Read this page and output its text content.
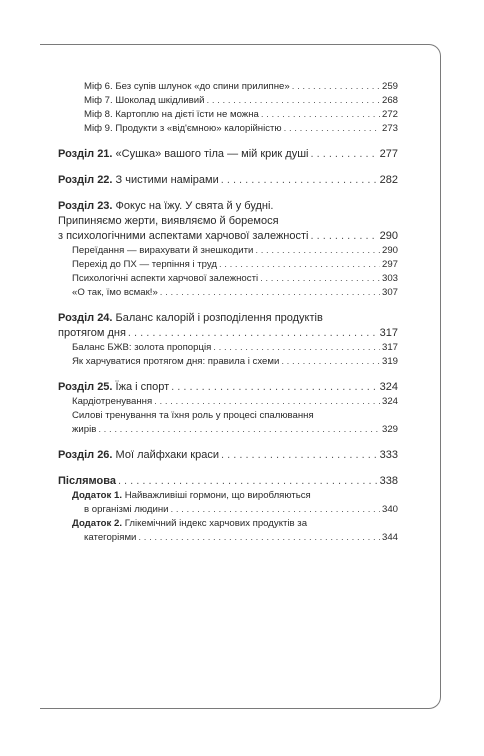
Міф 6. Без супів шлунок «до спини прилипне» . . .	259
Міф 7. Шоколад шкідливий . . .	268
Міф 8. Картоплю на дієті їсти не можна . . .	272
Міф 9. Продукти з «від'ємною» калорійністю . . .	273
Розділ 21. «Сушка» вашого тіла — мій крик душі . . .	277
Розділ 22. З чистими намірами . . .	282
Розділ 23. Фокус на їжу. У свята й у будні.
Припиняємо жерти, виявляємо й боремося
з психологічними аспектами харчової залежності . . .	290
Переїдання — вирахувати й знешкодити . . .	290
Перехід до ПХ — терпіння і труд . . .	297
Психологічні аспекти харчової залежності . . .	303
«О так, їмо всмак!» . . .	307
Розділ 24. Баланс калорій і розподілення продуктів
протягом дня . . .	317
Баланс БЖВ: золота пропорція . . .	317
Як харчуватися протягом дня: правила і схеми . . .	319
Розділ 25. Їжа і спорт . . .	324
Кардіотренування . . .	324
Силові тренування та їхня роль у процесі спалювання
жирів . . .	329
Розділ 26. Мої лайфхаки краси . . .	333
Післямова . . .	338
Додаток 1. Найважливіші гормони, що виробляються
в організмі людини . . .	340
Додаток 2. Глікемічний індекс харчових продуктів за
категоріями . . .	344
